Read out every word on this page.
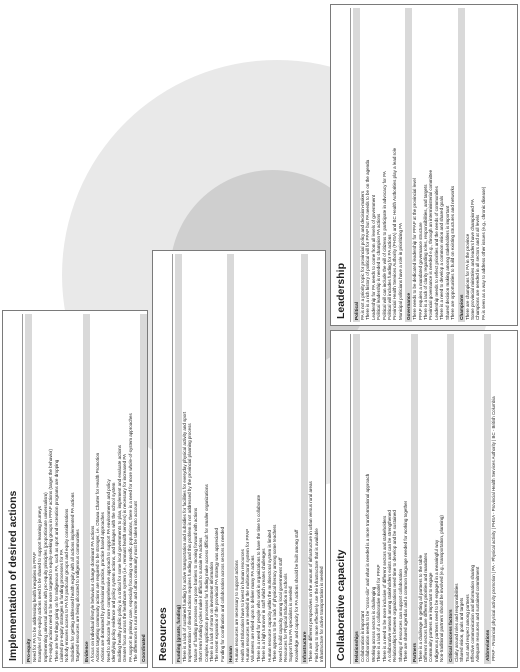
Implementation of desired actions	Pro-equity Need for PA to be addressing health inequities in PPAP Examples of pro-equity actions need to be shared to support learning journeys Implementing universal actions with pro-equity principles (proportionate universalism) Pro-equity actions need to be more targeted to equity-seeking groups in PPAP actions (target the behavior) There are few things going on for Indigenous PA, such as sport and recreation programs are dropping Limited pro-equity strategies in funding processes for PA Nobody ensures access to PA for particular groups and equity considerations Subsidies for getting addressed health equity with all actions implemented PA actions Targeted resources are being allocated to Indigenous communities Evidence A focus on individual lifestyle behaviour change dominant PA actions Actions targeting community actions are required to be stronger, i.e. Ottawa Charter for Health Promotion Actions are dominated by professional practice, practice based approaches Need to advocate for more comprehensive approach to support PA environments and policy Identifying policy evidence and policy system actions, and linkages with the school system Building healthy public policy is a critical for some local governments to plan, implement and evaluate actions Greater focus across the healthcare system (i.e., remnant health services) is necessary for increased PA PA support in primary care, especially focusing on specific populations, there is a need for more whole-of-system approaches The differences in rural remote and urban community must be taken into account Coordinated Resources	Funding (grants, funding) There is a lack of sustained funding for active transportation and subsidies for facilities for everyday physical activity and sport Implementation of desired actions requires funding and this problem is not addressed by the provincial planning process Nature of funding processes can pose barriers to moving forward with actions Short term funding cycles make it difficult to sustain PA actions Complex application processes for funding make access difficult for smaller organizations There is a lack of return on investment information The recent expansion of the provincial PA strategy was appreciated Funding for coordination and collaboration across sectors is needed Human Human resources are necessary to support actions Health and Education have to invest in human resources Human resources are needed in the multisectoral system for PPAP Volunteers are relied upon to deliver many PA actions There is a need for people who work in organizations to have the time to collaborate There is a high turnover in staff which creates challenges Human resource capacity within the multisectoral system is limited There appears to be a lack of physical literacy among some teachers Need to build capacity among local government staff Resources for Physical Education in schools Support from PA specialists is needed Knowledge and capacity for PA actions should be built among staff Infrastructure There are different perspectives on the amount of infrastructure in urban versus rural areas Find ways to more effectively use the infrastructure that is available Infrastructure for active transportation is needed
Leadership	Political PA is not a priority topic for provincial policy and decision-makers There is a rich history of political will for PPAP but PA needs to be on the agenda Leadership for PA needs to come from all levels of government Political leadership is needed to champion PA actions Political will can include the will of citizens to participate in advocacy for PA Political will includes funding for PA actions Provincial Health Services Authority (PHSA) and BC Health Authorities play a lead role Municipal politicians have a role in prioritizing PA Governance There needs to be dedicated leadership for PPAP at the provincial level PPAP requires a mandated governance structure There is a lack of clarity regarding roles, responsibilities, and targets Provincial governance is needed e.g., through an interministerial committee Leadership needs to reflect priorities and the needs of communities There is a need to develop a common vision and shared goals Shared decision making among stakeholders is important There are opportunities to build on existing structures and networks Champions There are champions for PA in the province Some provincial ministries and leaders have championed PA Champions are needed in all sectors and at all levels PA is seen as a way to address other issues (e.g., chronic disease)
Collaborative capacity	Relationships Collaboration is important Collaboration needs to be "cross-silo" and what is needed is a more transformational approach Working across sectors is challenging There is a lack of a collaborative model for PPAP There is a need to be more inclusive of different sectors and stakeholders A collaborative network among stakeholders exists and can be strengthened Relationships between organizations need time to develop and be sustained Sharing of resources can support collaboration There are shared agendas and a common language needed for working together Partners There is a challenge in getting all partners to the table Different sectors have different priorities and mandates Community partners are important to engage Indigenous partners need to be engaged in a meaningful way Non-traditional partners should be involved (e.g., transportation, planning) Critical success factors Clarity around roles and responsibilities Shared vision, goals and targets Trust and respect among partners Effective communication and information sharing Adequate resources and sustained commitment Abbreviations PPAP - Provincial physical activity promotion | PA - Physical activity | PHSA - Provincial Health Services Authority | BC - British Columbia
